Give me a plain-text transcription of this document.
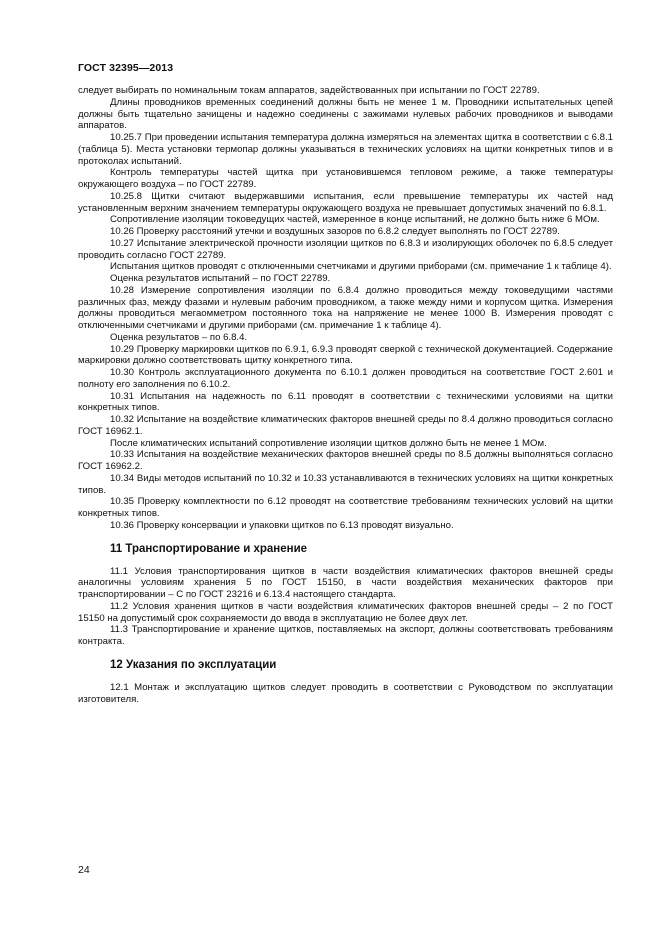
ГОСТ 32395—2013

следует выбирать по номинальным токам аппаратов, задействованных при испытании по ГОСТ 22789.

Длины проводников временных соединений должны быть не менее 1 м. Проводники испытательных цепей должны быть тщательно зачищены и надежно соединены с зажимами нулевых рабочих проводников и выводами аппаратов.

10.25.7 При проведении испытания температура должна измеряться на элементах щитка в соответствии с 6.8.1 (таблица 5). Места установки термопар должны указываться в технических условиях на щитки конкретных типов и в протоколах испытаний.

Контроль температуры частей щитка при установившемся тепловом режиме, а также температуры окружающего воздуха – по ГОСТ 22789.

10.25.8 Щитки считают выдержавшими испытания, если превышение температуры их частей над установленным верхним значением температуры окружающего воздуха не превышает допустимых значений по 6.8.1.

Сопротивление изоляции токоведущих частей, измеренное в конце испытаний, не должно быть ниже 6 МОм.

10.26 Проверку расстояний утечки и воздушных зазоров по 6.8.2 следует выполнять по ГОСТ 22789.

10.27 Испытание электрической прочности изоляции щитков по 6.8.3 и изолирующих оболочек по 6.8.5 следует проводить согласно ГОСТ 22789.

Испытания щитков проводят с отключенными счетчиками и другими приборами (см. примечание 1 к таблице 4).

Оценка результатов испытаний – по ГОСТ 22789.

10.28 Измерение сопротивления изоляции по 6.8.4 должно проводиться между токоведущими частями различных фаз, между фазами и нулевым рабочим проводником, а также между ними и корпусом щитка. Измерения должны проводиться мегаомметром постоянного тока на напряжение не менее 1000 В. Измерения проводят с отключенными счетчиками и другими приборами (см. примечание 1 к таблице 4).

Оценка результатов – по 6.8.4.

10.29 Проверку маркировки щитков по 6.9.1, 6.9.3 проводят сверкой с технической документацией. Содержание маркировки должно соответствовать щитку конкретного типа.

10.30 Контроль эксплуатационного документа по 6.10.1 должен проводиться на соответствие ГОСТ 2.601 и полноту его заполнения по 6.10.2.

10.31 Испытания на надежность по 6.11 проводят в соответствии с техническими условиями на щитки конкретных типов.

10.32 Испытание на воздействие климатических факторов внешней среды по 8.4 должно проводиться согласно ГОСТ 16962.1.

После климатических испытаний сопротивление изоляции щитков должно быть не менее 1 МОм.

10.33 Испытания на воздействие механических факторов внешней среды по 8.5 должны выполняться согласно ГОСТ 16962.2.

10.34 Виды методов испытаний по 10.32 и 10.33 устанавливаются в технических условиях на щитки конкретных типов.

10.35 Проверку комплектности по 6.12 проводят на соответствие требованиям технических условий на щитки конкретных типов.

10.36 Проверку консервации и упаковки щитков по 6.13 проводят визуально.

11 Транспортирование и хранение

11.1 Условия транспортирования щитков в части воздействия климатических факторов внешней среды аналогичны условиям хранения 5 по ГОСТ 15150, в части воздействия механических факторов при транспортировании – С по ГОСТ 23216 и 6.13.4 настоящего стандарта.

11.2 Условия хранения щитков в части воздействия климатических факторов внешней среды – 2 по ГОСТ 15150 на допустимый срок сохраняемости до ввода в эксплуатацию не более двух лет.

11.3 Транспортирование и хранение щитков, поставляемых на экспорт, должны соответствовать требованиям контракта.

12 Указания по эксплуатации

12.1 Монтаж и эксплуатацию щитков следует проводить в соответствии с Руководством по эксплуатации изготовителя.

24
